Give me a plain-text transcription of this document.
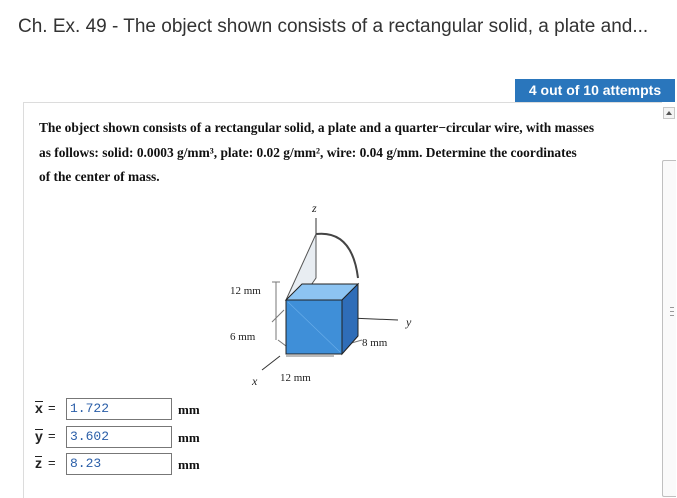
Ch. Ex. 49 - The object shown consists of a rectangular solid, a plate and...
4 out of 10 attempts
The object shown consists of a rectangular solid, a plate and a quarter−circular wire, with masses
as follows: solid: 0.0003 g/mm³, plate: 0.02 g/mm², wire: 0.04 g/mm. Determine the coordinates
of the center of mass.
z
y
x
12 mm
6 mm	8 mm
12 mm
x =	1.722	mm
y =	3.602	mm
z =	8.23	mm
